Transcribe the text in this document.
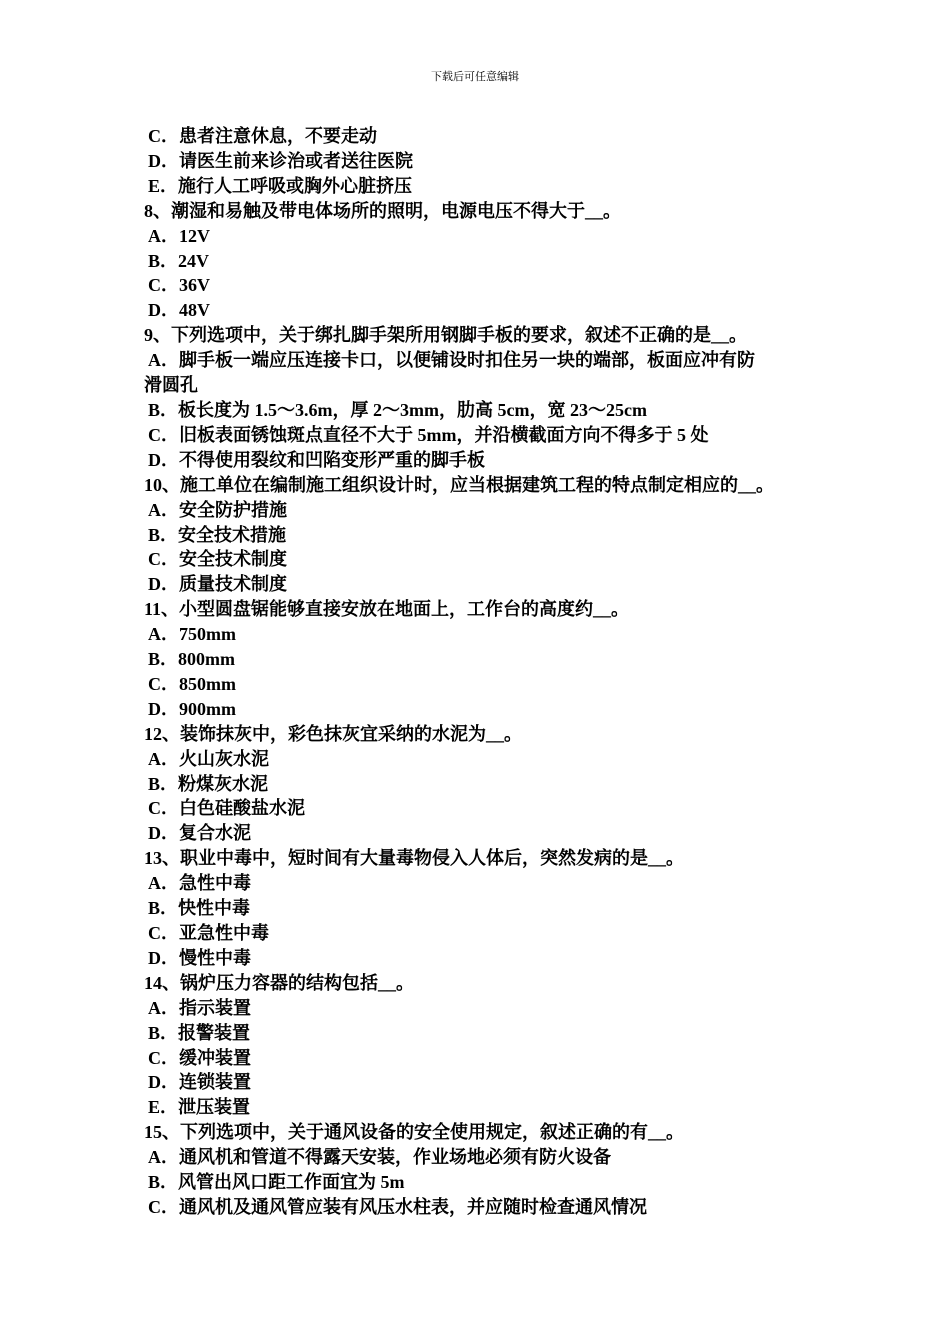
下载后可任意编辑

C．患者注意休息，不要走动

D．请医生前来诊治或者送往医院

E．施行人工呼吸或胸外心脏挤压

8、潮湿和易触及带电体场所的照明，电源电压不得大于__。

A．12V

B．24V

C．36V

D．48V

9、下列选项中，关于绑扎脚手架所用钢脚手板的要求，叙述不正确的是__。

A．脚手板一端应压连接卡口，以便铺设时扣住另一块的端部，板面应冲有防

滑圆孔

B．板长度为 1.5～3.6m，厚 2～3mm，肋高 5cm，宽 23～25cm

C．旧板表面锈蚀斑点直径不大于 5mm，并沿横截面方向不得多于 5 处

D．不得使用裂纹和凹陷变形严重的脚手板

10、施工单位在编制施工组织设计时，应当根据建筑工程的特点制定相应的__。

A．安全防护措施

B．安全技术措施

C．安全技术制度

D．质量技术制度

11、小型圆盘锯能够直接安放在地面上，工作台的高度约__。

A．750mm

B．800mm

C．850mm

D．900mm

12、装饰抹灰中，彩色抹灰宜采纳的水泥为__。

A．火山灰水泥

B．粉煤灰水泥

C．白色硅酸盐水泥

D．复合水泥

13、职业中毒中，短时间有大量毒物侵入人体后，突然发病的是__。

A．急性中毒

B．快性中毒

C．亚急性中毒

D．慢性中毒

14、锅炉压力容器的结构包括__。

A．指示装置

B．报警装置

C．缓冲装置

D．连锁装置

E．泄压装置

15、下列选项中，关于通风设备的安全使用规定，叙述正确的有__。

A．通风机和管道不得露天安装，作业场地必须有防火设备

B．风管出风口距工作面宜为 5m

C．通风机及通风管应装有风压水柱表，并应随时检查通风情况
